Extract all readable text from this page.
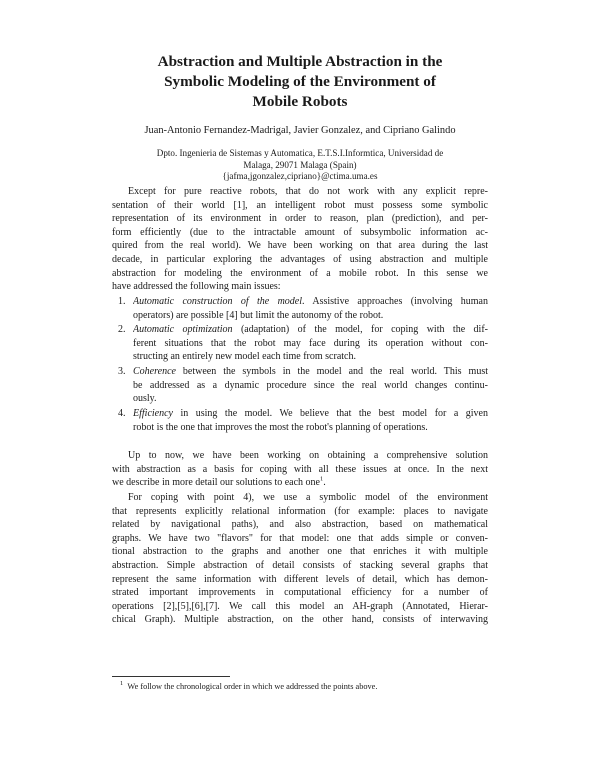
Abstraction and Multiple Abstraction in the
Symbolic Modeling of the Environment of
Mobile Robots
Juan-Antonio Fernandez-Madrigal, Javier Gonzalez, and Cipriano Galindo
Dpto. Ingenieria de Sistemas y Automatica, E.T.S.I.Informtica, Universidad de
Malaga, 29071 Malaga (Spain)
{jafma,jgonzalez,cipriano}@ctima.uma.es
Except for pure reactive robots, that do not work with any explicit repre-
sentation of their world [1], an intelligent robot must possess some symbolic
representation of its environment in order to reason, plan (prediction), and per-
form efficiently (due to the intractable amount of subsymbolic information ac-
quired from the real world). We have been working on that area during the last
decade, in particular exploring the advantages of using abstraction and multiple
abstraction for modeling the environment of a mobile robot. In this sense we
have addressed the following main issues:
1. Automatic construction of the model. Assistive approaches (involving human
operators) are possible [4] but limit the autonomy of the robot.
2. Automatic optimization (adaptation) of the model, for coping with the dif-
ferent situations that the robot may face during its operation without con-
structing an entirely new model each time from scratch.
3. Coherence between the symbols in the model and the real world. This must
be addressed as a dynamic procedure since the real world changes continu-
ously.
4. Efficiency in using the model. We believe that the best model for a given
robot is the one that improves the most the robot's planning of operations.
Up to now, we have been working on obtaining a comprehensive solution
with abstraction as a basis for coping with all these issues at once. In the next
we describe in more detail our solutions to each one$^1$.
For coping with point 4), we use a symbolic model of the environment
that represents explicitly relational information (for example: places to navigate
related by navigational paths), and also abstraction, based on mathematical
graphs. We have two "flavors" for that model: one that adds simple or conven-
tional abstraction to the graphs and another one that enriches it with multiple
abstraction. Simple abstraction of detail consists of stacking several graphs that
represent the same information with different levels of detail, which has demon-
strated important improvements in computational efficiency for a number of
operations [2],[5],[6],[7]. We call this model an AH-graph (Annotated, Hierar-
chical Graph). Multiple abstraction, on the other hand, consists of interwaving
$^1$ We follow the chronological order in which we addressed the points above.
